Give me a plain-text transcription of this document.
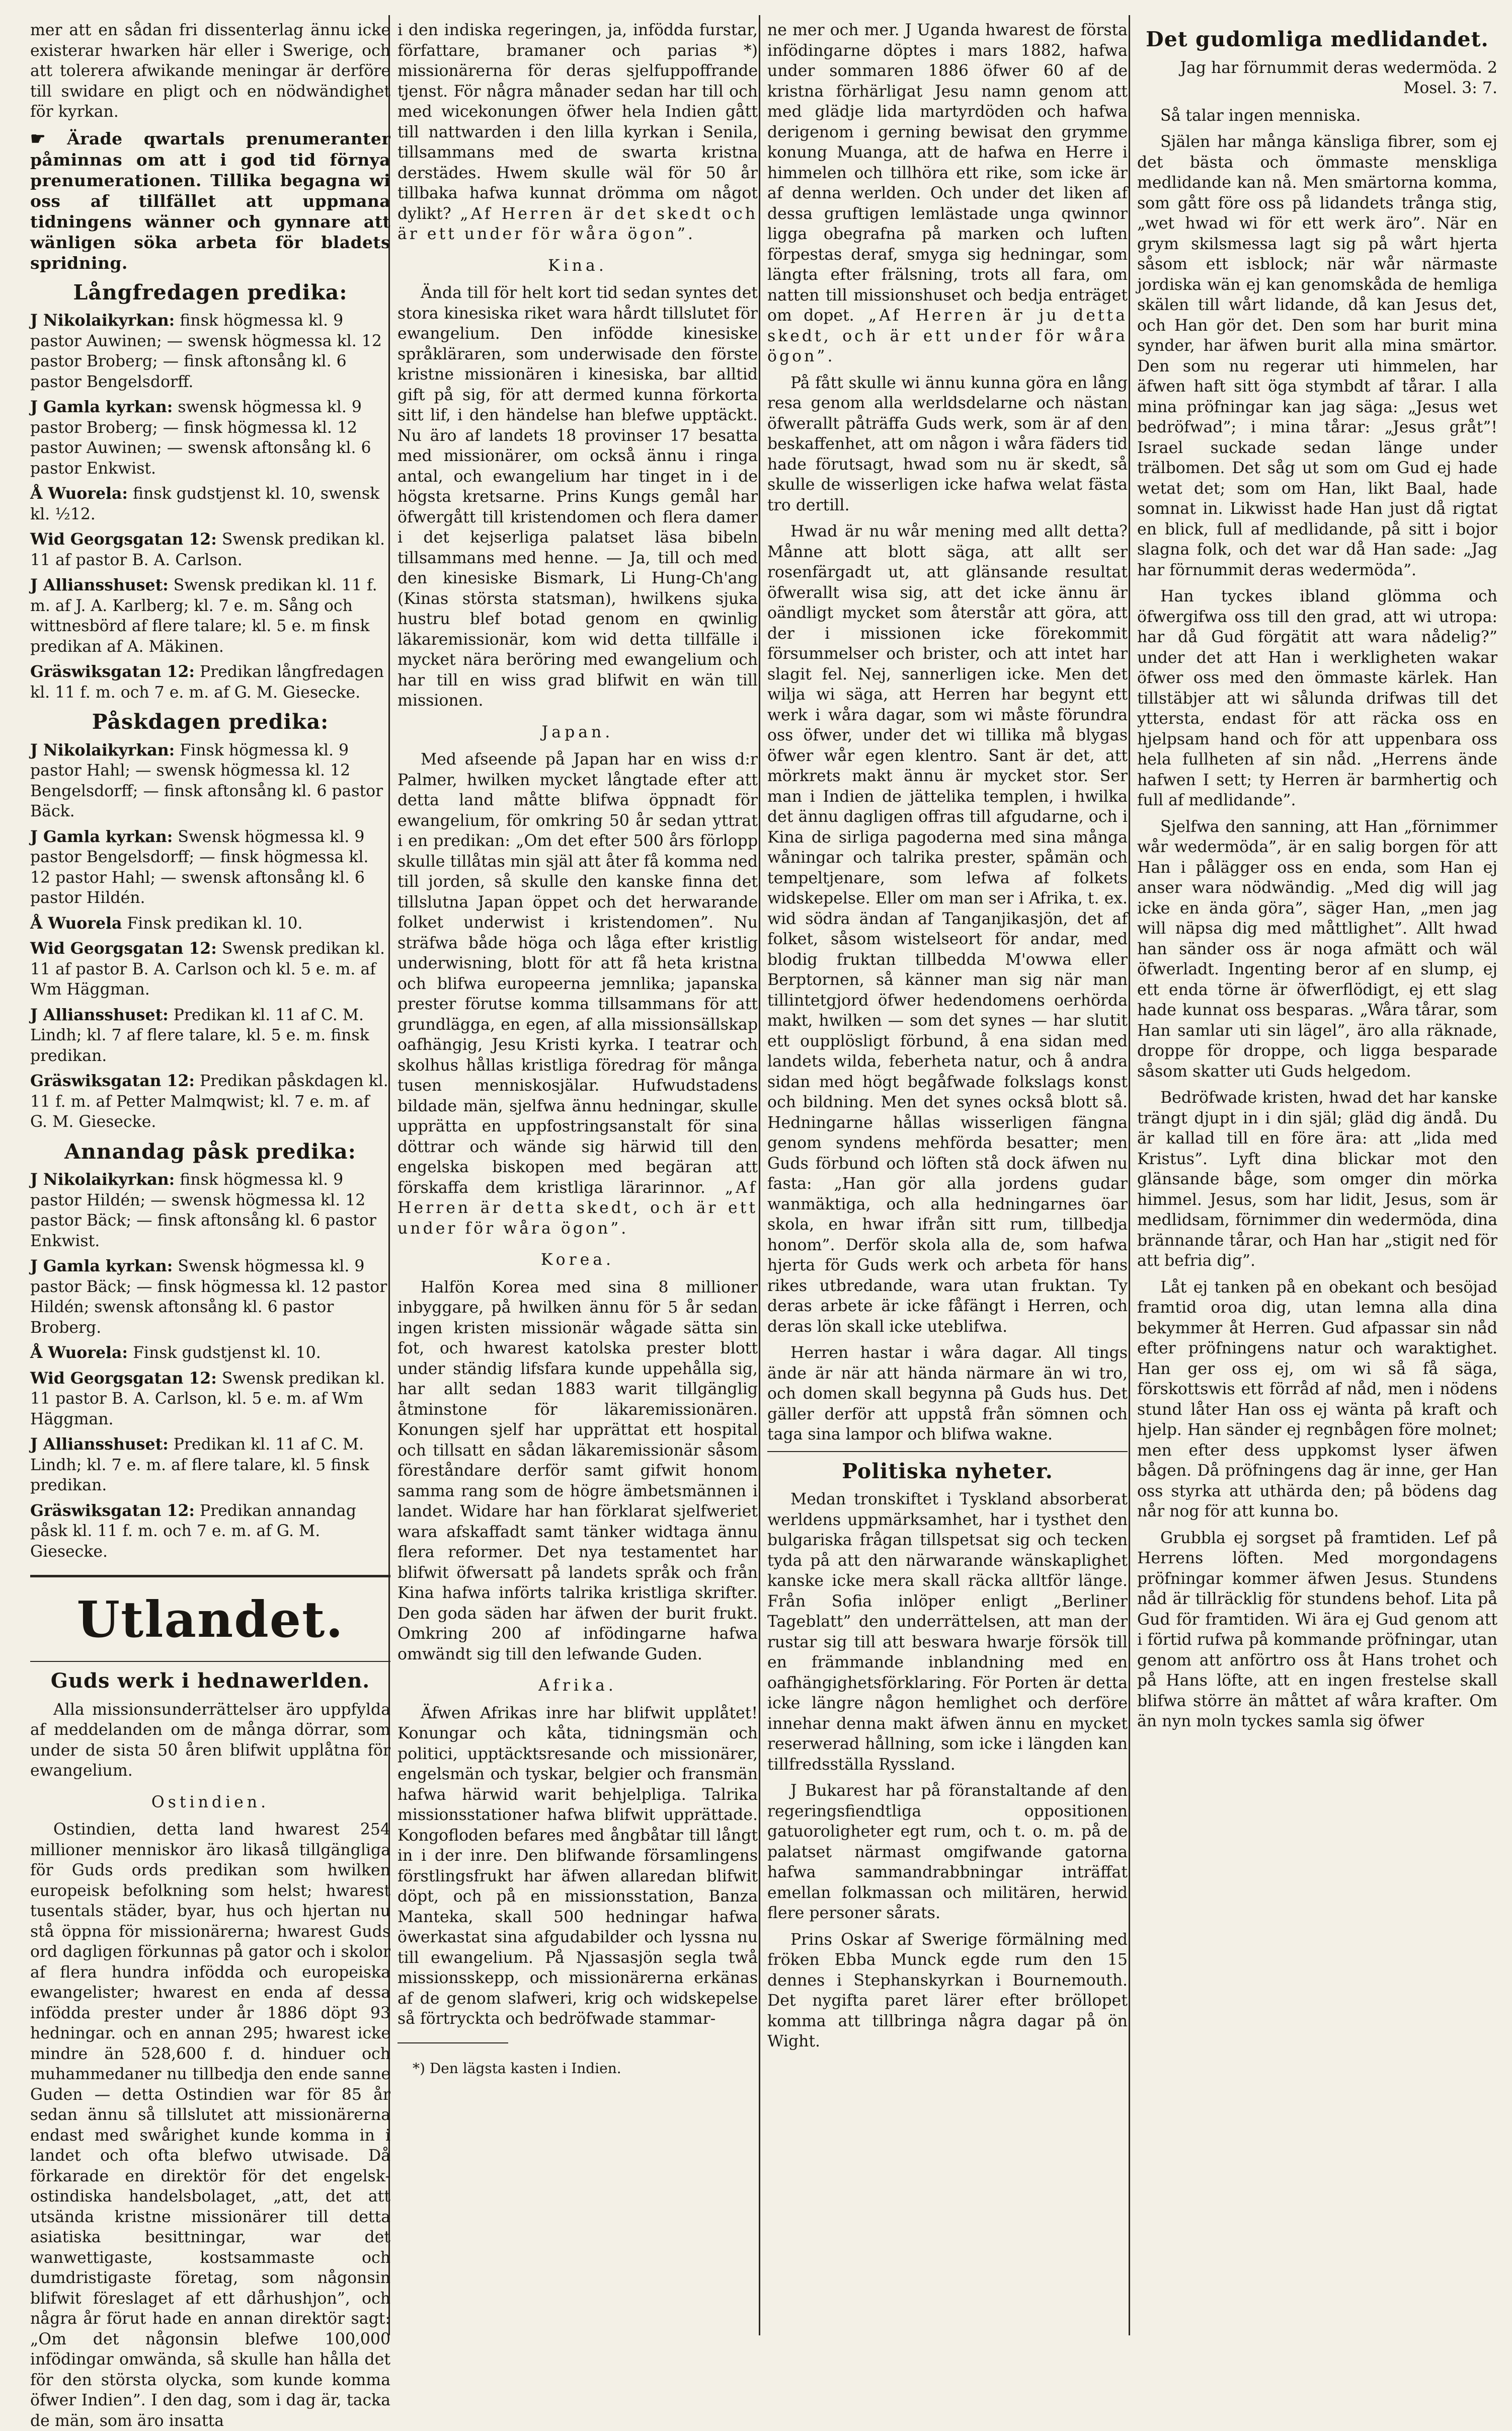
mer att en sådan fri dissenterlag ännu icke existerar hwarken här eller i Swerige, och att tolerera afwikande meningar är derföre till swidare en pligt och en nödwändighet för kyrkan.

☛ Ärade qwartals prenumeranter påminnas om att i god tid förnya prenumerationen. Tillika begagna wi oss af tillfället att uppmana tidningens wänner och gynnare att wänligen söka arbeta för bladets spridning.

Långfredagen predika:
J Nikolaikyrkan: finsk högmessa kl. 9 pastor Auwinen; — swensk högmessa kl. 12 pastor Broberg; — finsk aftonsång kl. 6 pastor Bengelsdorff.
J Gamla kyrkan: swensk högmessa kl. 9 pastor Broberg; — finsk högmessa kl. 12 pastor Auwinen; — swensk aftonsång kl. 6 pastor Enkwist.
Å Wuorela: finsk gudstjenst kl. 10, swensk kl. ½12.
Wid Georgsgatan 12: Swensk predikan kl. 11 af pastor B. A. Carlson.
J Alliansshuset: Swensk predikan kl. 11 f. m. af J. A. Karlberg; kl. 7 e. m. Sång och wittnesbörd af flere talare; kl. 5 e. m finsk predikan af A. Mäkinen.
Gräswiksgatan 12: Predikan långfredagen kl. 11 f. m. och 7 e. m. af G. M. Giesecke.
Påskdagen predika:
J Nikolaikyrkan: Finsk högmessa kl. 9 pastor Hahl; — swensk högmessa kl. 12 Bengelsdorff; — finsk aftonsång kl. 6 pastor Bäck.
J Gamla kyrkan: Swensk högmessa kl. 9 pastor Bengelsdorff; — finsk högmessa kl. 12 pastor Hahl; — swensk aftonsång kl. 6 pastor Hildén.
Å Wuorela Finsk predikan kl. 10.
Wid Georgsgatan 12: Swensk predikan kl. 11 af pastor B. A. Carlson och kl. 5 e. m. af Wm Häggman.
J Alliansshuset: Predikan kl. 11 af C. M. Lindh; kl. 7 af flere talare, kl. 5 e. m. finsk predikan.
Gräswiksgatan 12: Predikan påskdagen kl. 11 f. m. af Petter Malmqwist; kl. 7 e. m. af G. M. Giesecke.
Annandag påsk predika:
J Nikolaikyrkan: finsk högmessa kl. 9 pastor Hildén; — swensk högmessa kl. 12 pastor Bäck; — finsk aftonsång kl. 6 pastor Enkwist.
J Gamla kyrkan: Swensk högmessa kl. 9 pastor Bäck; — finsk högmessa kl. 12 pastor Hildén; swensk aftonsång kl. 6 pastor Broberg.
Å Wuorela: Finsk gudstjenst kl. 10.
Wid Georgsgatan 12: Swensk predikan kl. 11 pastor B. A. Carlson, kl. 5 e. m. af Wm Häggman.
J Alliansshuset: Predikan kl. 11 af C. M. Lindh; kl. 7 e. m. af flere talare, kl. 5 finsk predikan.
Gräswiksgatan 12: Predikan annandag påsk kl. 11 f. m. och 7 e. m. af G. M. Giesecke.
Utlandet.
Guds werk i hednawerlden.

Alla missionsunderrättelser äro uppfylda af meddelanden om de många dörrar, som under de sista 50 åren blifwit upplåtna för ewangelium.

Ostindien.

Ostindien, detta land hwarest 254 millioner menniskor äro likaså tillgängliga för Guds ords predikan som hwilken europeisk befolkning som helst; hwarest tusentals städer, byar, hus och hjertan nu stå öppna för missionärerna; hwarest Guds ord dagligen förkunnas på gator och i skolor af flera hundra infödda och europeiska ewangelister; hwarest en enda af dessa infödda prester under år 1886 döpt 93 hedningar. och en annan 295; hwarest icke mindre än 528,600 f. d. hinduer och muhammedaner nu tillbedja den ende sanne Guden — detta Ostindien war för 85 år sedan ännu så tillslutet att missionärerna endast med swårighet kunde komma in i landet och ofta blefwo utwisade. Då förkarade en direktör för det engelsk-ostindiska handelsbolaget, „att, det att utsända kristne missionärer till detta asiatiska besittningar, war det wanwettigaste, kostsammaste och dumdristigaste företag, som någonsin blifwit föreslaget af ett dårhushjon”, och några år förut hade en annan direktör sagt: „Om det någonsin blefwe 100,000 infödingar omwända, så skulle han hålla det för den största olycka, som kunde komma öfwer Indien”. I den dag, som i dag är, tacka de män, som äro insatta

i den indiska regeringen, ja, infödda furstar, författare, bramaner och parias *) missionärerna för deras sjelfuppoffrande tjenst. För några månader sedan har till och med wicekonungen öfwer hela Indien gått till nattwarden i den lilla kyrkan i Senila, tillsammans med de swarta kristna derstädes. Hwem skulle wäl för 50 år tillbaka hafwa kunnat drömma om något dylikt? „Af Herren är det skedt och är ett under för wåra ögon”.

Kina.

Ända till för helt kort tid sedan syntes det stora kinesiska riket wara hårdt tillslutet för ewangelium. Den infödde kinesiske språkläraren, som underwisade den förste kristne missionären i kinesiska, bar alltid gift på sig, för att dermed kunna förkorta sitt lif, i den händelse han blefwe upptäckt. Nu äro af landets 18 provinser 17 besatta med missionärer, om också ännu i ringa antal, och ewangelium har tinget in i de högsta kretsarne. Prins Kungs gemål har öfwergått till kristendomen och flera damer i det kejserliga palatset läsa bibeln tillsammans med henne. — Ja, till och med den kinesiske Bismark, Li Hung-Ch'ang (Kinas största statsman), hwilkens sjuka hustru blef botad genom en qwinlig läkaremissionär, kom wid detta tillfälle i mycket nära beröring med ewangelium och har till en wiss grad blifwit en wän till missionen.

Japan.

Med afseende på Japan har en wiss d:r Palmer, hwilken mycket långtade efter att detta land måtte blifwa öppnadt för ewangelium, för omkring 50 år sedan yttrat i en predikan: „Om det efter 500 års förlopp skulle tillåtas min själ att åter få komma ned till jorden, så skulle den kanske finna det tillslutna Japan öppet och det herwarande folket underwist i kristendomen”. Nu sträfwa både höga och låga efter kristlig underwisning, blott för att få heta kristna och blifwa europeerna jemnlika; japanska prester förutse komma tillsammans för att grundlägga, en egen, af alla missionsällskap oafhängig, Jesu Kristi kyrka. I teatrar och skolhus hållas kristliga föredrag för många tusen menniskosjälar. Hufwudstadens bildade män, sjelfwa ännu hedningar, skulle upprätta en uppfostringsanstalt för sina döttrar och wände sig härwid till den engelska biskopen med begäran att förskaffa dem kristliga lärarinnor. „Af Herren är detta skedt, och är ett under för wåra ögon”.

Korea.

Halfön Korea med sina 8 millioner inbyggare, på hwilken ännu för 5 år sedan ingen kristen missionär wågade sätta sin fot, och hwarest katolska prester blott under ständig lifsfara kunde uppehålla sig, har allt sedan 1883 warit tillgänglig åtminstone för läkaremissionären. Konungen sjelf har upprättat ett hospital och tillsatt en sådan läkaremissionär såsom föreståndare derför samt gifwit honom samma rang som de högre ämbetsmännen i landet. Widare har han förklarat sjelfweriet wara afskaffadt samt tänker widtaga ännu flera reformer. Det nya testamentet har blifwit öfwersatt på landets språk och från Kina hafwa införts talrika kristliga skrifter. Den goda säden har äfwen der burit frukt. Omkring 200 af infödingarne hafwa omwändt sig till den lefwande Guden.

Afrika.

Äfwen Afrikas inre har blifwit upplåtet! Konungar och kåta, tidningsmän och politici, upptäcktsresande och missionärer, engelsmän och tyskar, belgier och fransmän hafwa härwid warit behjelpliga. Talrika missionsstationer hafwa blifwit upprättade. Kongofloden befares med ångbåtar till långt in i der inre. Den blifwande församlingens förstlingsfrukt har äfwen allaredan blifwit döpt, och på en missionsstation, Banza Manteka, skall 500 hedningar hafwa öwerkastat sina afgudabilder och lyssna nu till ewangelium. På Njassasjön segla twå missionsskepp, och missionärerna erkänas af de genom slafweri, krig och widskepelse så förtryckta och bedröfwade stammar-

*) Den lägsta kasten i Indien.

ne mer och mer. J Uganda hwarest de första infödingarne döptes i mars 1882, hafwa under sommaren 1886 öfwer 60 af de kristna förhärligat Jesu namn genom att med glädje lida martyrdöden och hafwa derigenom i gerning bewisat den grymme konung Muanga, att de hafwa en Herre i himmelen och tillhöra ett rike, som icke är af denna werlden. Och under det liken af dessa gruftigen lemlästade unga qwinnor ligga obegrafna på marken och luften förpestas deraf, smyga sig hedningar, som längta efter frälsning, trots all fara, om natten till missionshuset och bedja enträget om dopet. „Af Herren är ju detta skedt, och är ett under för wåra ögon”.

På fått skulle wi ännu kunna göra en lång resa genom alla werldsdelarne och nästan öfwerallt påträffa Guds werk, som är af den beskaffenhet, att om någon i wåra fäders tid hade förutsagt, hwad som nu är skedt, så skulle de wisserligen icke hafwa welat fästa tro dertill.

Hwad är nu wår mening med allt detta? Månne att blott säga, att allt ser rosenfärgadt ut, att glänsande resultat öfwerallt wisa sig, att det icke ännu är oändligt mycket som återstår att göra, att der i missionen icke förekommit försummelser och brister, och att intet har slagit fel. Nej, sannerligen icke. Men det wilja wi säga, att Herren har begynt ett werk i wåra dagar, som wi måste förundra oss öfwer, under det wi tillika må blygas öfwer wår egen klentro. Sant är det, att mörkrets makt ännu är mycket stor. Ser man i Indien de jättelika templen, i hwilka det ännu dagligen offras till afgudarne, och i Kina de sirliga pagoderna med sina många wåningar och talrika prester, spåmän och tempeltjenare, som lefwa af folkets widskepelse. Eller om man ser i Afrika, t. ex. wid södra ändan af Tanganjikasjön, det af folket, såsom wistelseort för andar, med blodig fruktan tillbedda M'owwa eller Berptornen, så känner man sig när man tillintetgjord öfwer hedendomens oerhörda makt, hwilken — som det synes — har slutit ett oupplösligt förbund, å ena sidan med landets wilda, feberheta natur, och å andra sidan med högt begåfwade folkslags konst och bildning. Men det synes också blott så. Hedningarne hållas wisserligen fängna genom syndens mehförda besatter; men Guds förbund och löften stå dock äfwen nu fasta: „Han gör alla jordens gudar wanmäktiga, och alla hedningarnes öar skola, en hwar ifrån sitt rum, tillbedja honom”. Derför skola alla de, som hafwa hjerta för Guds werk och arbeta för hans rikes utbredande, wara utan fruktan. Ty deras arbete är icke fåfängt i Herren, och deras lön skall icke uteblifwa.

Herren hastar i wåra dagar. All tings ände är när att hända närmare än wi tro, och domen skall begynna på Guds hus. Det gäller derför att uppstå från sömnen och taga sina lampor och blifwa wakne.

Politiska nyheter.

Medan tronskiftet i Tyskland absorberat werldens uppmärksamhet, har i tysthet den bulgariska frågan tillspetsat sig och tecken tyda på att den närwarande wänskaplighet kanske icke mera skall räcka alltför länge. Från Sofia inlöper enligt „Berliner Tageblatt” den underrättelsen, att man der rustar sig till att beswara hwarje försök till en främmande inblandning med en oafhängighetsförklaring. För Porten är detta icke längre någon hemlighet och derföre innehar denna makt äfwen ännu en mycket reserwerad hållning, som icke i längden kan tillfredsställa Ryssland.

J Bukarest har på föranstaltande af den regeringsfiendtliga oppositionen gatuoroligheter egt rum, och t. o. m. på de palatset närmast omgifwande gatorna hafwa sammandrabbningar inträffat emellan folkmassan och militären, herwid flere personer sårats.

Prins Oskar af Swerige förmälning med fröken Ebba Munck egde rum den 15 dennes i Stephanskyrkan i Bournemouth. Det nygifta paret lärer efter bröllopet komma att tillbringa några dagar på ön Wight.

Det gudomliga medlidandet.
Jag har förnummit deras wedermöda. 2 Mosel. 3: 7.

Så talar ingen menniska.

Själen har många känsliga fibrer, som ej det bästa och ömmaste menskliga medlidande kan nå. Men smärtorna komma, som gått före oss på lidandets trånga stig, „wet hwad wi för ett werk äro”. När en grym skilsmessa lagt sig på wårt hjerta såsom ett isblock; när wår närmaste jordiska wän ej kan genomskåda de hemliga skälen till wårt lidande, då kan Jesus det, och Han gör det. Den som har burit mina synder, har äfwen burit alla mina smärtor. Den som nu regerar uti himmelen, har äfwen haft sitt öga stymbdt af tårar. I alla mina pröfningar kan jag säga: „Jesus wet bedröfwad”; i mina tårar: „Jesus gråt”! Israel suckade sedan länge under trälbomen. Det såg ut som om Gud ej hade wetat det; som om Han, likt Baal, hade somnat in. Likwisst hade Han just då rigtat en blick, full af medlidande, på sitt i bojor slagna folk, och det war då Han sade: „Jag har förnummit deras wedermöda”.

Han tyckes ibland glömma och öfwergifwa oss till den grad, att wi utropa: har då Gud förgätit att wara nådelig?” under det att Han i werkligheten wakar öfwer oss med den ömmaste kärlek. Han tillstäbjer att wi sålunda drifwas till det yttersta, endast för att räcka oss en hjelpsam hand och för att uppenbara oss hela fullheten af sin nåd. „Herrens ände hafwen I sett; ty Herren är barmhertig och full af medlidande”.

Sjelfwa den sanning, att Han „förnimmer wår wedermöda”, är en salig borgen för att Han i pålägger oss en enda, som Han ej anser wara nödwändig. „Med dig will jag icke en ända göra”, säger Han, „men jag will näpsa dig med måttlighet”. Allt hwad han sänder oss är noga afmätt och wäl öfwerladt. Ingenting beror af en slump, ej ett enda törne är öfwerflödigt, ej ett slag hade kunnat oss besparas. „Wåra tårar, som Han samlar uti sin lägel”, äro alla räknade, droppe för droppe, och ligga besparade såsom skatter uti Guds helgedom.

Bedröfwade kristen, hwad det har kanske trängt djupt in i din själ; gläd dig ändå. Du är kallad till en före ära: att „lida med Kristus”. Lyft dina blickar mot den glänsande båge, som omger din mörka himmel. Jesus, som har lidit, Jesus, som är medlidsam, förnimmer din wedermöda, dina brännande tårar, och Han har „stigit ned för att befria dig”.

Låt ej tanken på en obekant och besöjad framtid oroa dig, utan lemna alla dina bekymmer åt Herren. Gud afpassar sin nåd efter pröfningens natur och waraktighet. Han ger oss ej, om wi så få säga, förskottswis ett förråd af nåd, men i nödens stund låter Han oss ej wänta på kraft och hjelp. Han sänder ej regnbågen före molnet; men efter dess uppkomst lyser äfwen bågen. Då pröfningens dag är inne, ger Han oss styrka att uthärda den; på bödens dag når nog för att kunna bo.

Grubbla ej sorgset på framtiden. Lef på Herrens löften. Med morgondagens pröfningar kommer äfwen Jesus. Stundens nåd är tillräcklig för stundens behof. Lita på Gud för framtiden. Wi ära ej Gud genom att i förtid rufwa på kommande pröfningar, utan genom att anförtro oss åt Hans trohet och på Hans löfte, att en ingen frestelse skall blifwa större än måttet af wåra krafter. Om än nyn moln tyckes samla sig öfwer
